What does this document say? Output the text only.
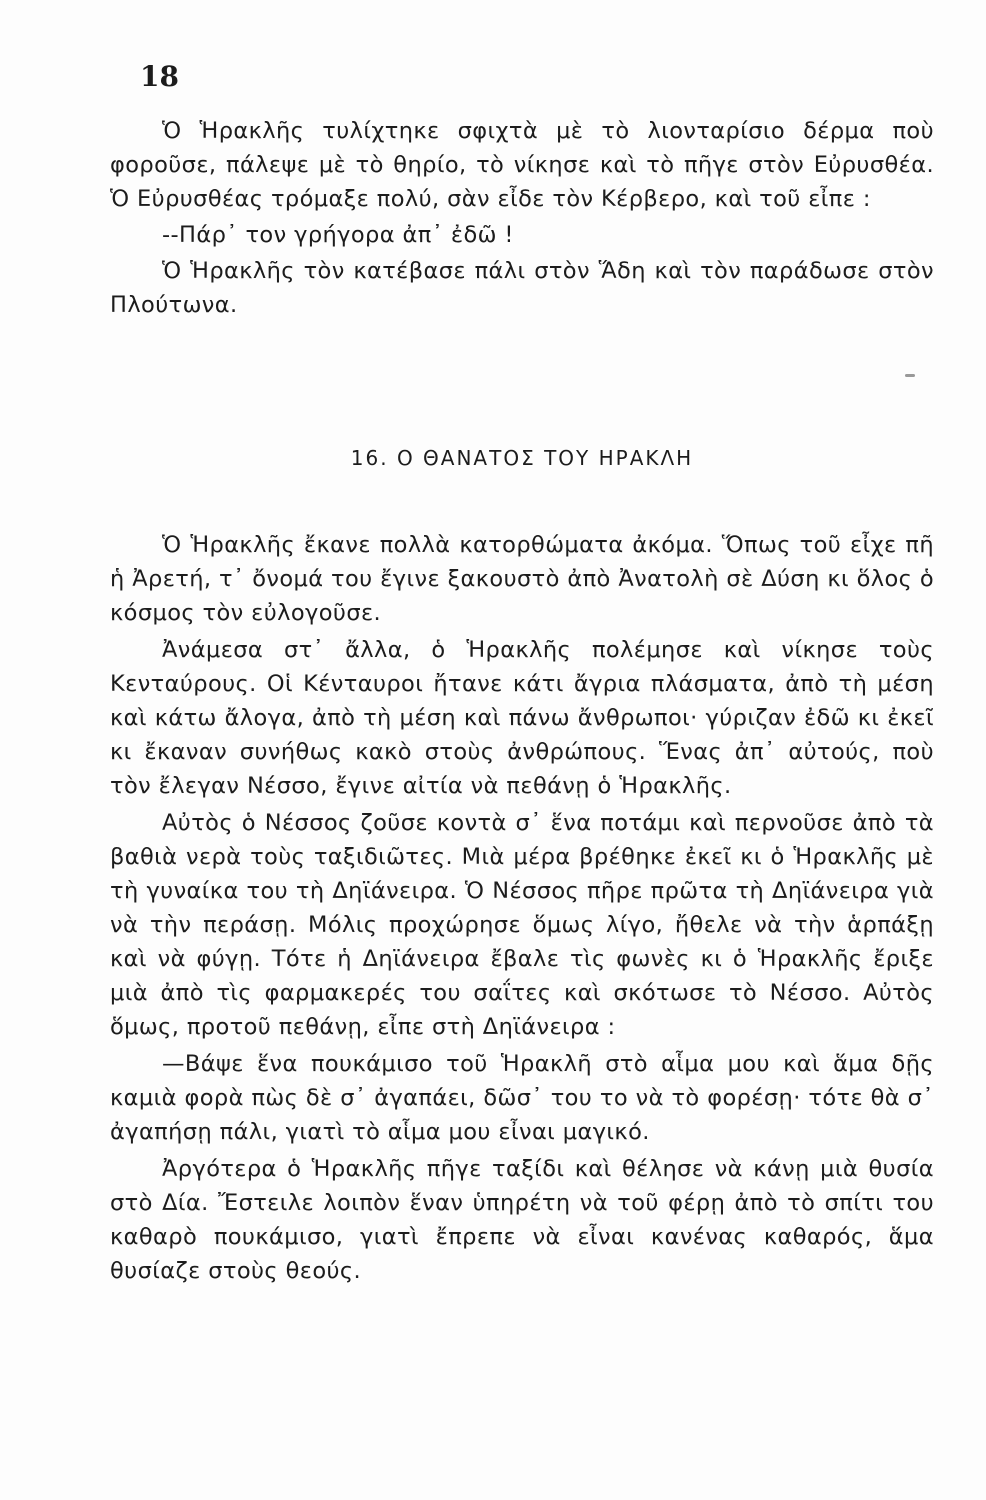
18

Ὁ Ἡρακλῆς τυλίχτηκε σφιχτὰ μὲ τὸ λιονταρίσιο δέρμα ποὺ φοροῦσε, πάλεψε μὲ τὸ θηρίο, τὸ νίκησε καὶ τὸ πῆγε στὸν Εὐρυσθέα. Ὁ Εὐρυσθέας τρόμαξε πολύ, σὰν εἶδε τὸν Κέρβερο, καὶ τοῦ εἶπε :

--Πάρ᾿ τον γρήγορα ἀπ᾿ ἐδῶ !

Ὁ Ἡρακλῆς τὸν κατέβασε πάλι στὸν Ἅδη καὶ τὸν παράδωσε στὸν Πλούτωνα.

16. Ο ΘΑΝΑΤΟΣ ΤΟΥ ΗΡΑΚΛΗ

Ὁ Ἡρακλῆς ἔκανε πολλὰ κατορθώματα ἀκόμα. Ὅπως τοῦ εἶχε πῆ ἡ Ἀρετή, τ᾿ ὄνομά του ἔγινε ξακουστὸ ἀπὸ Ἀνατολὴ σὲ Δύση κι ὅλος ὁ κόσμος τὸν εὐλογοῦσε.

Ἀνάμεσα στ᾿ ἄλλα, ὁ Ἡρακλῆς πολέμησε καὶ νίκησε τοὺς Κενταύρους. Οἱ Κένταυροι ἤτανε κάτι ἄγρια πλάσματα, ἀπὸ τὴ μέση καὶ κάτω ἄλογα, ἀπὸ τὴ μέση καὶ πάνω ἄνθρωποι· γύριζαν ἐδῶ κι ἐκεῖ κι ἔκαναν συνήθως κακὸ στοὺς ἀνθρώπους. Ἕνας ἀπ᾿ αὐτούς, ποὺ τὸν ἔλεγαν Νέσσο, ἔγινε αἰτία νὰ πεθάνῃ ὁ Ἡρακλῆς.

Αὐτὸς ὁ Νέσσος ζοῦσε κοντὰ σ᾿ ἕνα ποτάμι καὶ περνοῦσε ἀπὸ τὰ βαθιὰ νερὰ τοὺς ταξιδιῶτες. Μιὰ μέρα βρέθηκε ἐκεῖ κι ὁ Ἡρακλῆς μὲ τὴ γυναίκα του τὴ Δηϊάνειρα. Ὁ Νέσσος πῆρε πρῶτα τὴ Δηϊάνειρα γιὰ νὰ τὴν περάσῃ. Μόλις προχώρησε ὅμως λίγο, ἤθελε νὰ τὴν ἁρπάξῃ καὶ νὰ φύγῃ. Τότε ἡ Δηϊάνειρα ἔβαλε τὶς φωνὲς κι ὁ Ἡρακλῆς ἔριξε μιὰ ἀπὸ τὶς φαρμακερές του σαΐτες καὶ σκότωσε τὸ Νέσσο. Αὐτὸς ὅμως, προτοῦ πεθάνῃ, εἶπε στὴ Δηϊάνειρα :

—Βάψε ἕνα πουκάμισο τοῦ Ἡρακλῆ στὸ αἷμα μου καὶ ἅμα δῇς καμιὰ φορὰ πὼς δὲ σ᾿ ἀγαπάει, δῶσ᾿ του το νὰ τὸ φορέσῃ· τότε θὰ σ᾿ ἀγαπήσῃ πάλι, γιατὶ τὸ αἷμα μου εἶναι μαγικό.

Ἀργότερα ὁ Ἡρακλῆς πῆγε ταξίδι καὶ θέλησε νὰ κάνῃ μιὰ θυσία στὸ Δία. Ἔστειλε λοιπὸν ἕναν ὑπηρέτη νὰ τοῦ φέρῃ ἀπὸ τὸ σπίτι του καθαρὸ πουκάμισο, γιατὶ ἔπρεπε νὰ εἶναι κανένας καθαρός, ἅμα θυσίαζε στοὺς θεούς.
